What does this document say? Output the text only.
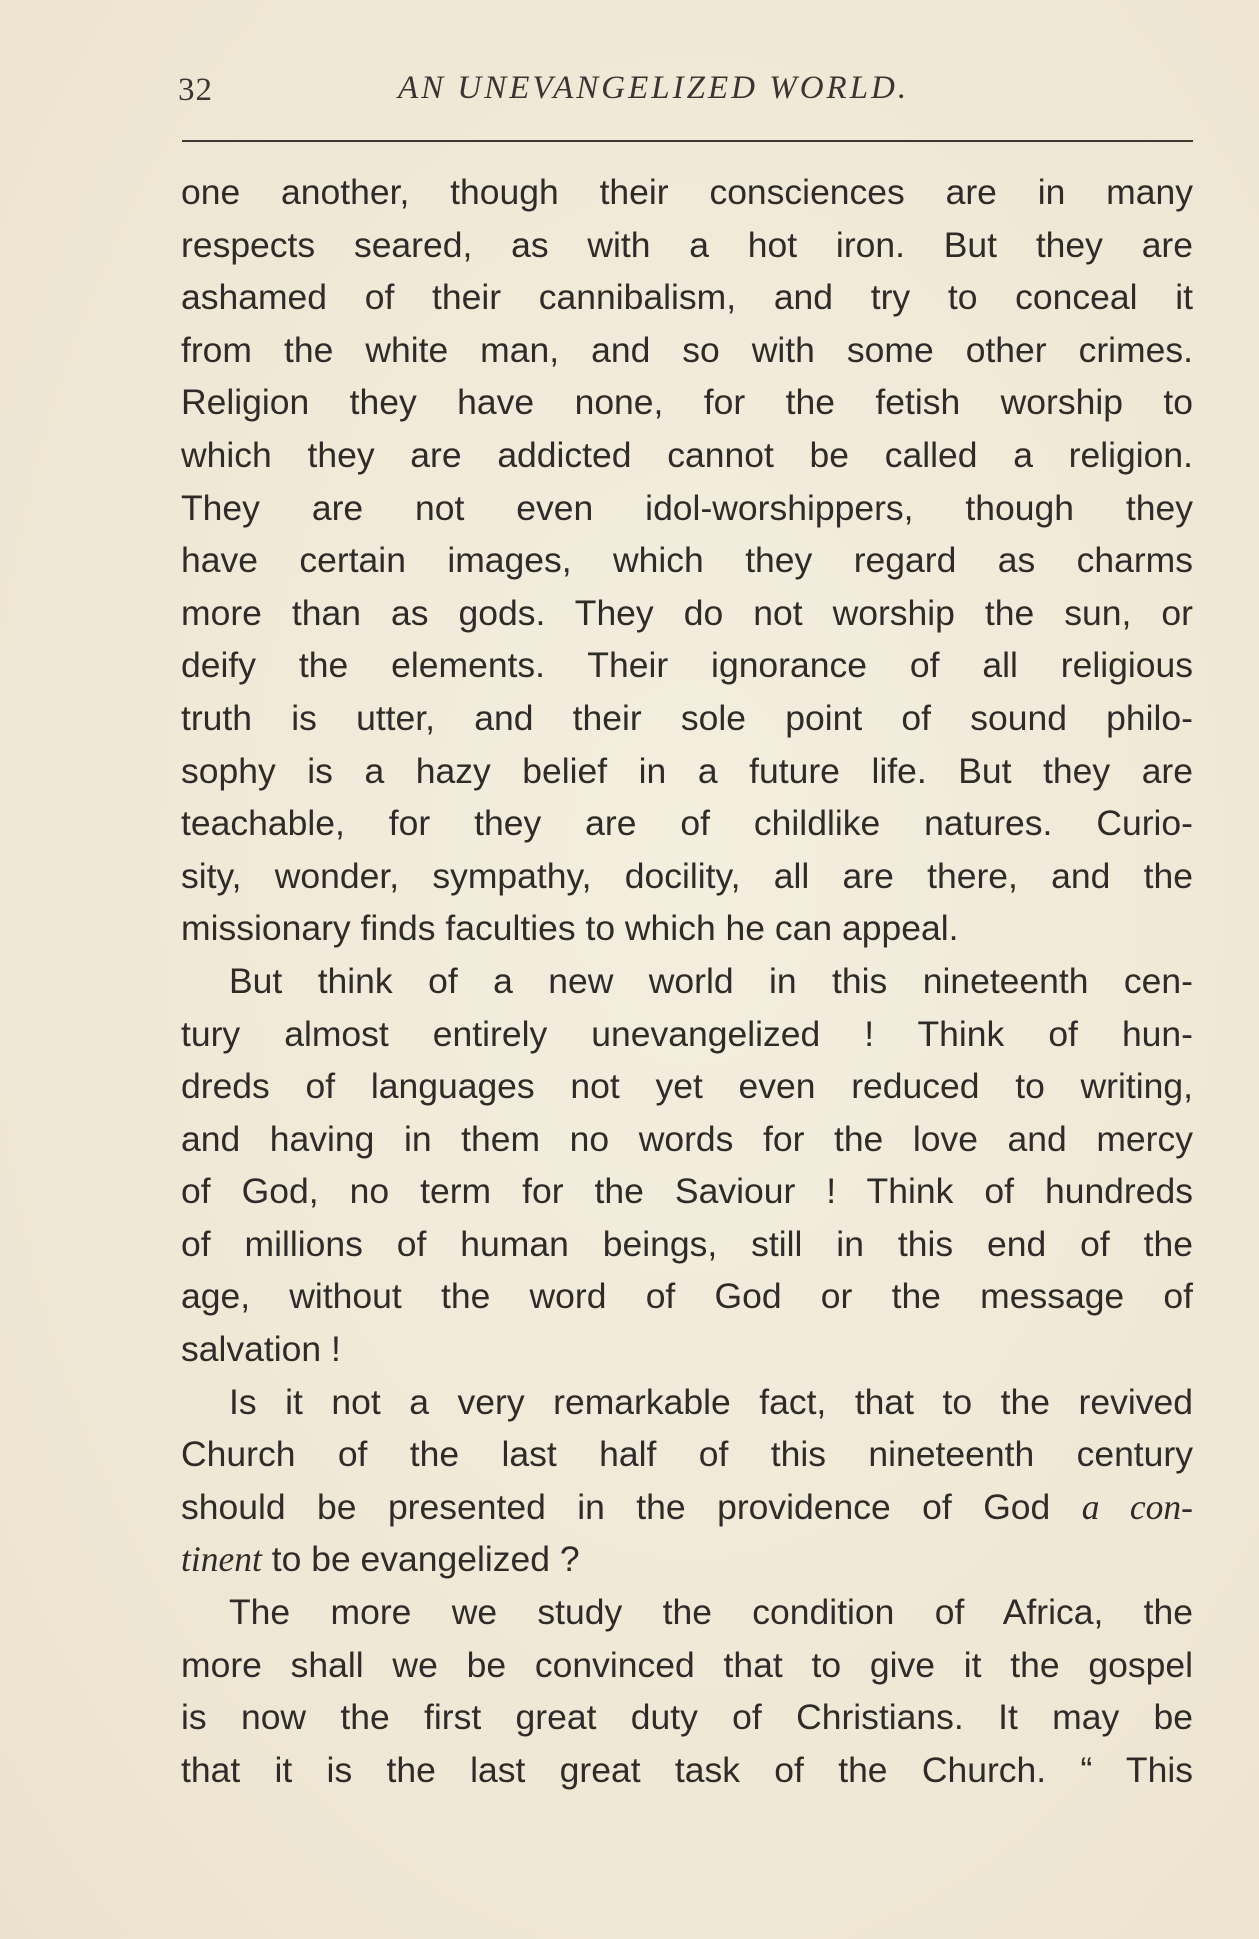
32	AN UNEVANGELIZED WORLD.
one another, though their consciences are in many
respects seared, as with a hot iron. But they are
ashamed of their cannibalism, and try to conceal it
from the white man, and so with some other crimes.
Religion they have none, for the fetish worship to
which they are addicted cannot be called a religion.
They are not even idol-worshippers, though they
have certain images, which they regard as charms
more than as gods. They do not worship the sun, or
deify the elements. Their ignorance of all religious
truth is utter, and their sole point of sound philo-
sophy is a hazy belief in a future life. But they are
teachable, for they are of childlike natures. Curio-
sity, wonder, sympathy, docility, all are there, and the
missionary finds faculties to which he can appeal.
But think of a new world in this nineteenth cen-
tury almost entirely unevangelized ! Think of hun-
dreds of languages not yet even reduced to writing,
and having in them no words for the love and mercy
of God, no term for the Saviour ! Think of hundreds
of millions of human beings, still in this end of the
age, without the word of God or the message of
salvation !
Is it not a very remarkable fact, that to the revived
Church of the last half of this nineteenth century
should be presented in the providence of God a con-
tinent to be evangelized ?
The more we study the condition of Africa, the
more shall we be convinced that to give it the gospel
is now the first great duty of Christians. It may be
that it is the last great task of the Church. “ This
